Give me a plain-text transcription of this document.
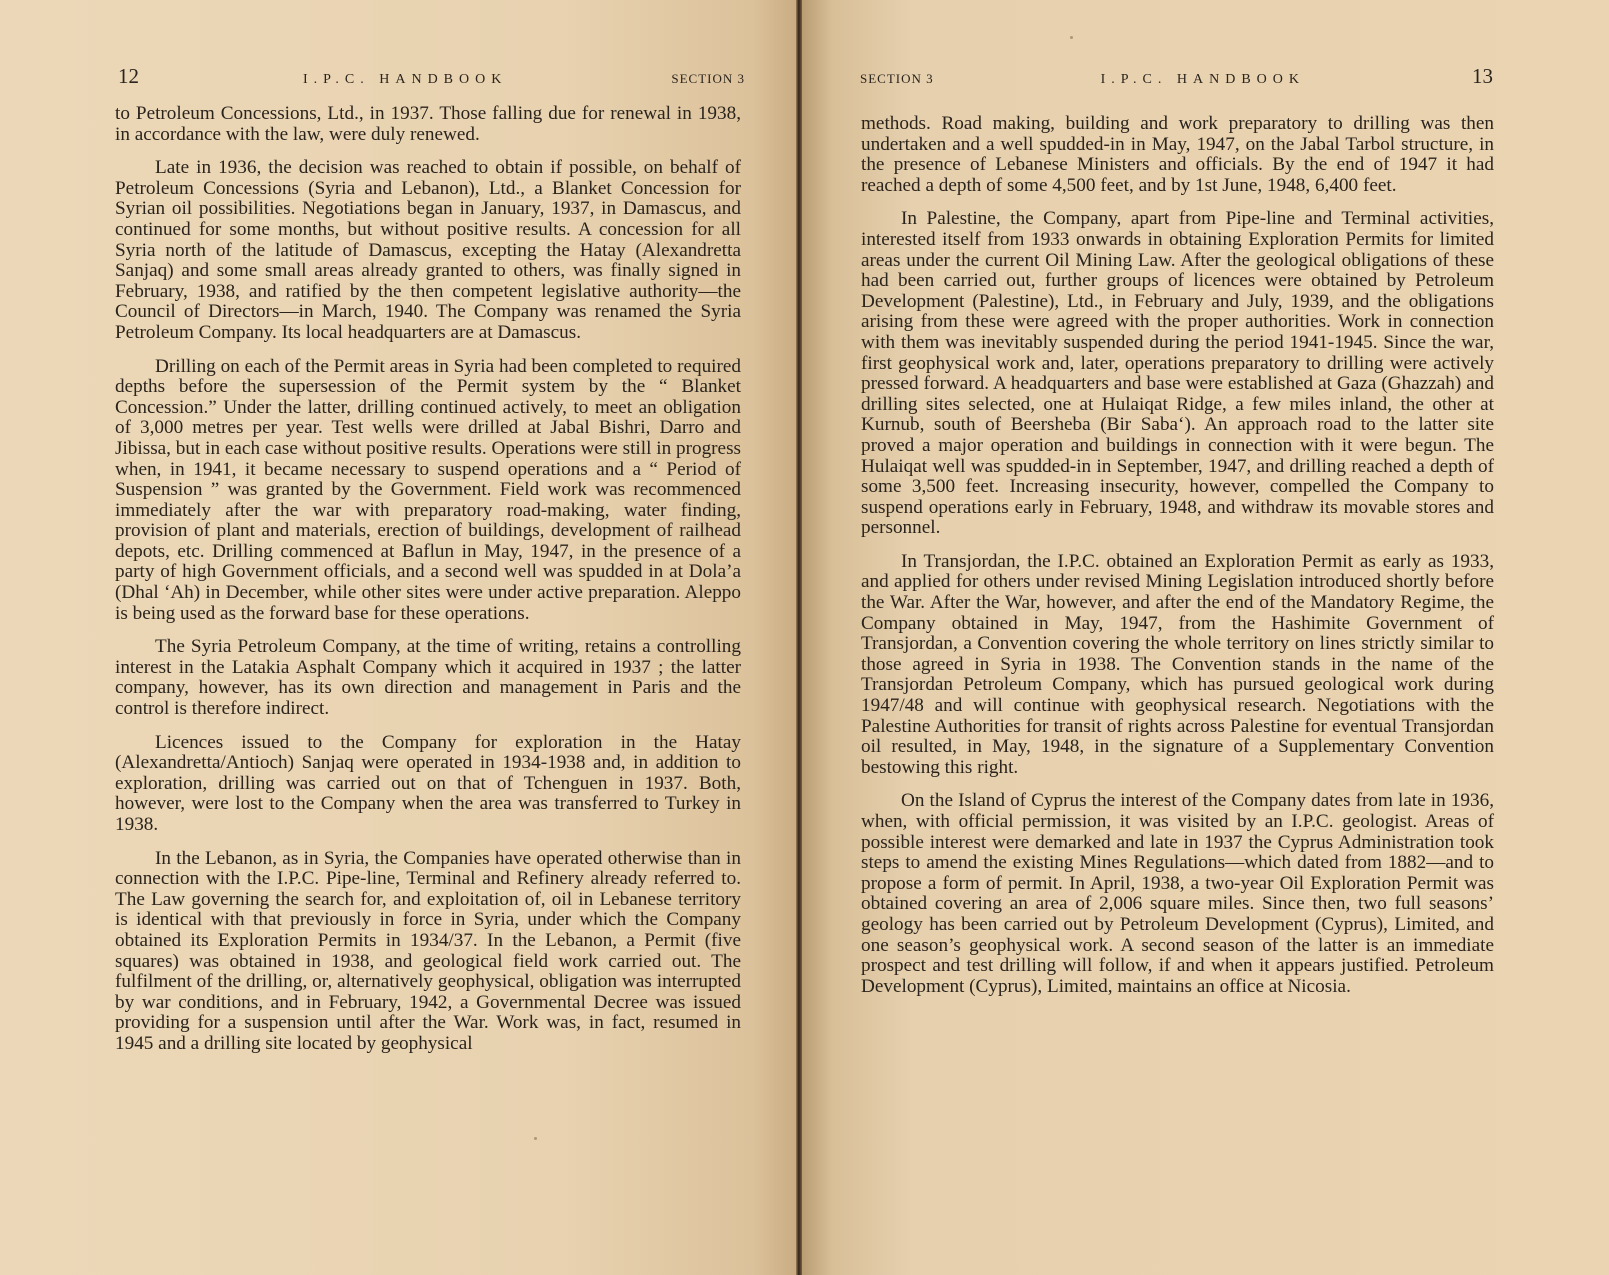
12	I.P.C. HANDBOOK	SECTION 3

to Petroleum Concessions, Ltd., in 1937. Those falling due for renewal in 1938, in accordance with the law, were duly renewed.

Late in 1936, the decision was reached to obtain if possible, on behalf of Petroleum Concessions (Syria and Lebanon), Ltd., a Blanket Concession for Syrian oil possibilities. Negotiations began in January, 1937, in Damascus, and continued for some months, but without positive results. A concession for all Syria north of the latitude of Damascus, excepting the Hatay (Alexandretta Sanjaq) and some small areas already granted to others, was finally signed in February, 1938, and ratified by the then competent legislative authority—the Council of Directors—in March, 1940. The Company was renamed the Syria Petroleum Company. Its local headquarters are at Damascus.

Drilling on each of the Permit areas in Syria had been completed to required depths before the supersession of the Permit system by the “ Blanket Concession.” Under the latter, drilling continued actively, to meet an obligation of 3,000 metres per year. Test wells were drilled at Jabal Bishri, Darro and Jibissa, but in each case without positive results. Operations were still in progress when, in 1941, it became necessary to suspend operations and a “ Period of Suspension ” was granted by the Government. Field work was recommenced immediately after the war with preparatory road-making, water finding, provision of plant and materials, erection of buildings, development of railhead depots, etc. Drilling commenced at Baflun in May, 1947, in the presence of a party of high Government officials, and a second well was spudded in at Dola’a (Dhal ‘Ah) in December, while other sites were under active preparation. Aleppo is being used as the forward base for these operations.

The Syria Petroleum Company, at the time of writing, retains a controlling interest in the Latakia Asphalt Company which it acquired in 1937 ; the latter company, however, has its own direction and management in Paris and the control is therefore indirect.

Licences issued to the Company for exploration in the Hatay (Alexandretta/Antioch) Sanjaq were operated in 1934-1938 and, in addition to exploration, drilling was carried out on that of Tchenguen in 1937. Both, however, were lost to the Company when the area was transferred to Turkey in 1938.

In the Lebanon, as in Syria, the Companies have operated otherwise than in connection with the I.P.C. Pipe-line, Terminal and Refinery already referred to. The Law governing the search for, and exploitation of, oil in Lebanese territory is identical with that previously in force in Syria, under which the Company obtained its Exploration Permits in 1934/37. In the Lebanon, a Permit (five squares) was obtained in 1938, and geological field work carried out. The fulfilment of the drilling, or, alternatively geophysical, obligation was interrupted by war conditions, and in February, 1942, a Governmental Decree was issued providing for a suspension until after the War. Work was, in fact, resumed in 1945 and a drilling site located by geophysical

SECTION 3	I.P.C. HANDBOOK	13

methods. Road making, building and work preparatory to drilling was then undertaken and a well spudded-in in May, 1947, on the Jabal Tarbol structure, in the presence of Lebanese Ministers and officials. By the end of 1947 it had reached a depth of some 4,500 feet, and by 1st June, 1948, 6,400 feet.

In Palestine, the Company, apart from Pipe-line and Terminal activities, interested itself from 1933 onwards in obtaining Exploration Permits for limited areas under the current Oil Mining Law. After the geological obligations of these had been carried out, further groups of licences were obtained by Petroleum Development (Palestine), Ltd., in February and July, 1939, and the obligations arising from these were agreed with the proper authorities. Work in connection with them was inevitably suspended during the period 1941-1945. Since the war, first geophysical work and, later, operations preparatory to drilling were actively pressed forward. A headquarters and base were established at Gaza (Ghazzah) and drilling sites selected, one at Hulaiqat Ridge, a few miles inland, the other at Kurnub, south of Beersheba (Bir Saba‘). An approach road to the latter site proved a major operation and buildings in connection with it were begun. The Hulaiqat well was spudded-in in September, 1947, and drilling reached a depth of some 3,500 feet. Increasing insecurity, however, compelled the Company to suspend operations early in February, 1948, and withdraw its movable stores and personnel.

In Transjordan, the I.P.C. obtained an Exploration Permit as early as 1933, and applied for others under revised Mining Legislation introduced shortly before the War. After the War, however, and after the end of the Mandatory Regime, the Company obtained in May, 1947, from the Hashimite Government of Transjordan, a Convention covering the whole territory on lines strictly similar to those agreed in Syria in 1938. The Convention stands in the name of the Transjordan Petroleum Company, which has pursued geological work during 1947/48 and will continue with geophysical research. Negotiations with the Palestine Authorities for transit of rights across Palestine for eventual Transjordan oil resulted, in May, 1948, in the signature of a Supplementary Convention bestowing this right.

On the Island of Cyprus the interest of the Company dates from late in 1936, when, with official permission, it was visited by an I.P.C. geologist. Areas of possible interest were demarked and late in 1937 the Cyprus Administration took steps to amend the existing Mines Regulations—which dated from 1882—and to propose a form of permit. In April, 1938, a two-year Oil Exploration Permit was obtained covering an area of 2,006 square miles. Since then, two full seasons’ geology has been carried out by Petroleum Development (Cyprus), Limited, and one season’s geophysical work. A second season of the latter is an immediate prospect and test drilling will follow, if and when it appears justified. Petroleum Development (Cyprus), Limited, maintains an office at Nicosia.
